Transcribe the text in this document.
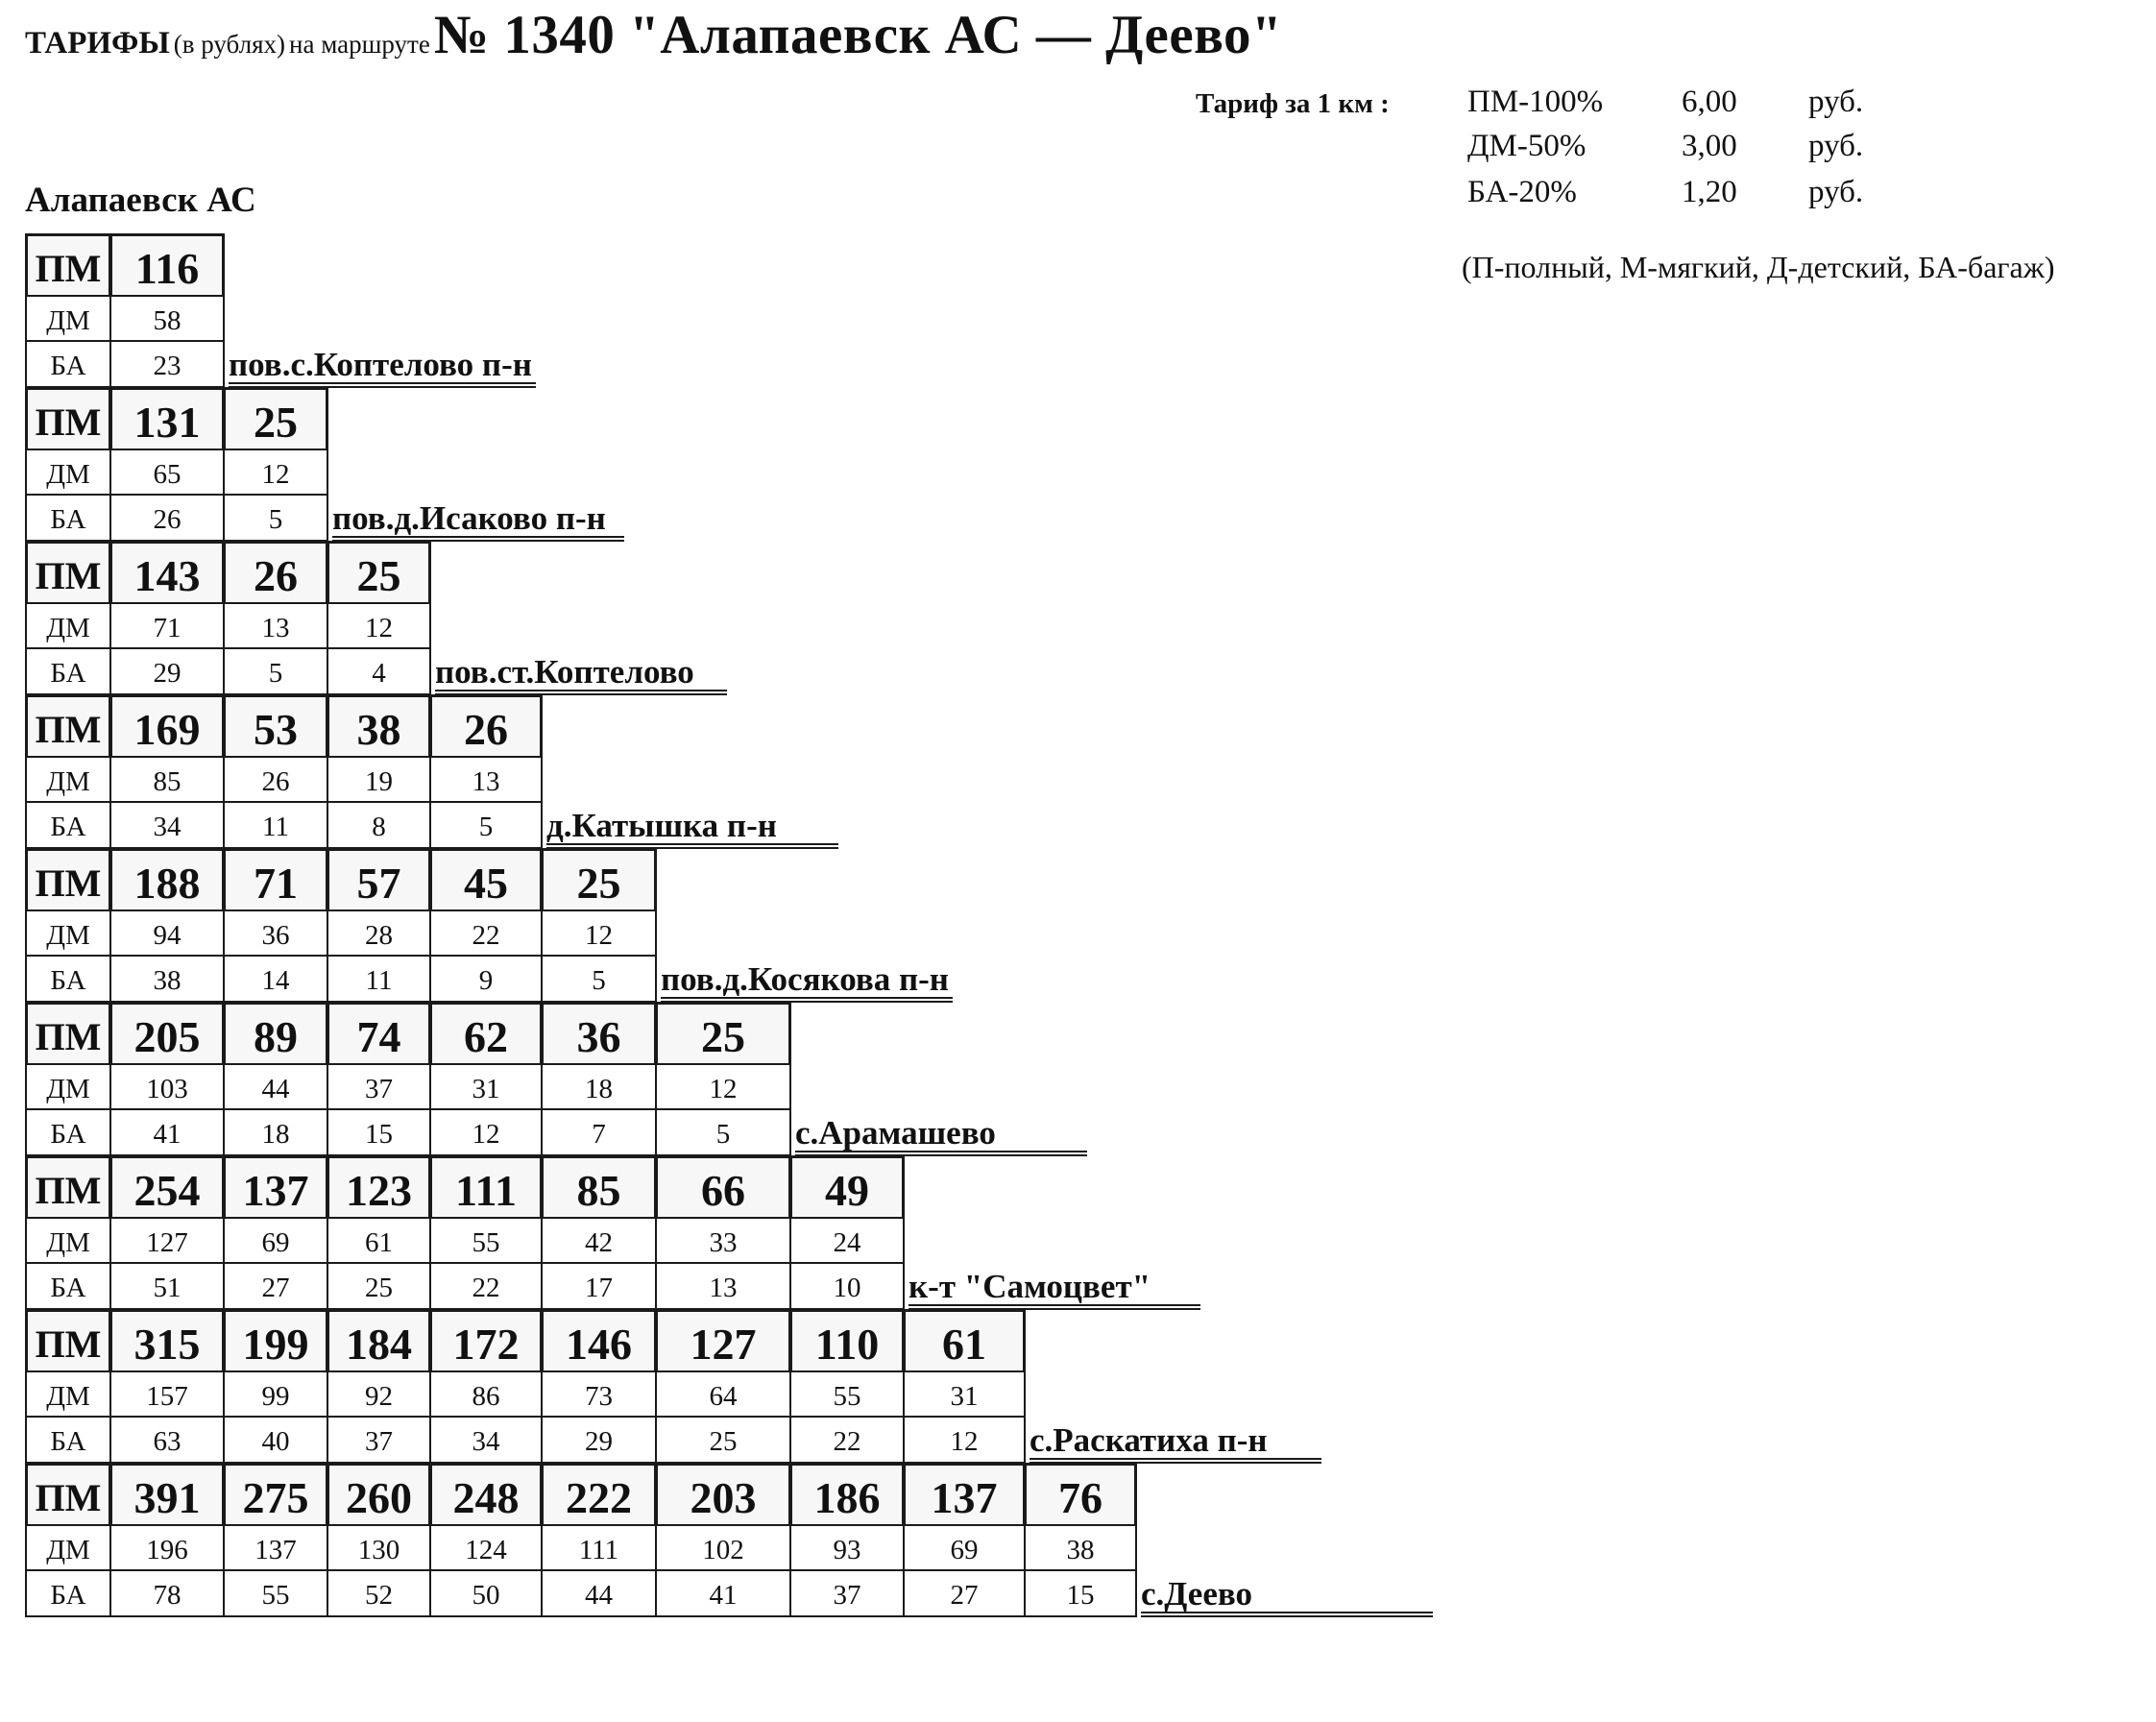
ТАРИФЫ (в рублях) на маршруте № 1340 "Алапаевск АС — Деево"
Тариф за 1 км : ПМ-100% 6,00 руб.
ДМ-50%	3,00 руб.
БА-20%	1,20 руб.
(П-полный, М-мягкий, Д-детский, БА-багаж)
Алапаевск АС
ПМ 116
ДМ	58
БА	23	пов.с.Коптелово п-н
ПМ 131	25
ДМ	65	12
БА	26	5	пов.д.Исаково п-н
ПМ 143	26	25
ДМ	71	13	12
БА	29	5	4	пов.ст.Коптелово
ПМ 169	53	38	26
ДМ	85	26	19	13
БА	34	11	8	5	д.Катышка п-н
ПМ 188	71	57	45	25
ДМ	94	36	28	22	12
БА	38	14	11	9	5	пов.д.Косякова п-н
ПМ 205	89	74	62	36	25
ДМ	103	44	37	31	18	12
БА	41	18	15	12	7	5	с.Арамашево
ПМ 254 137 123 111	85	66	49
ДМ	127	69	61	55	42	33	24
БА	51	27	25	22	17	13	10	к-т "Самоцвет"
ПМ 315 199 184 172	146	127	110	61
ДМ	157	99	92	86	73	64	55	31
БА	63	40	37	34	29	25	22	12	с.Раскатиха п-н
ПМ 391 275 260 248	222	203	186	137	76
ДМ	196	137	130	124	111	102	93	69	38
БА	78	55	52	50	44	41	37	27	15	с.Деево
